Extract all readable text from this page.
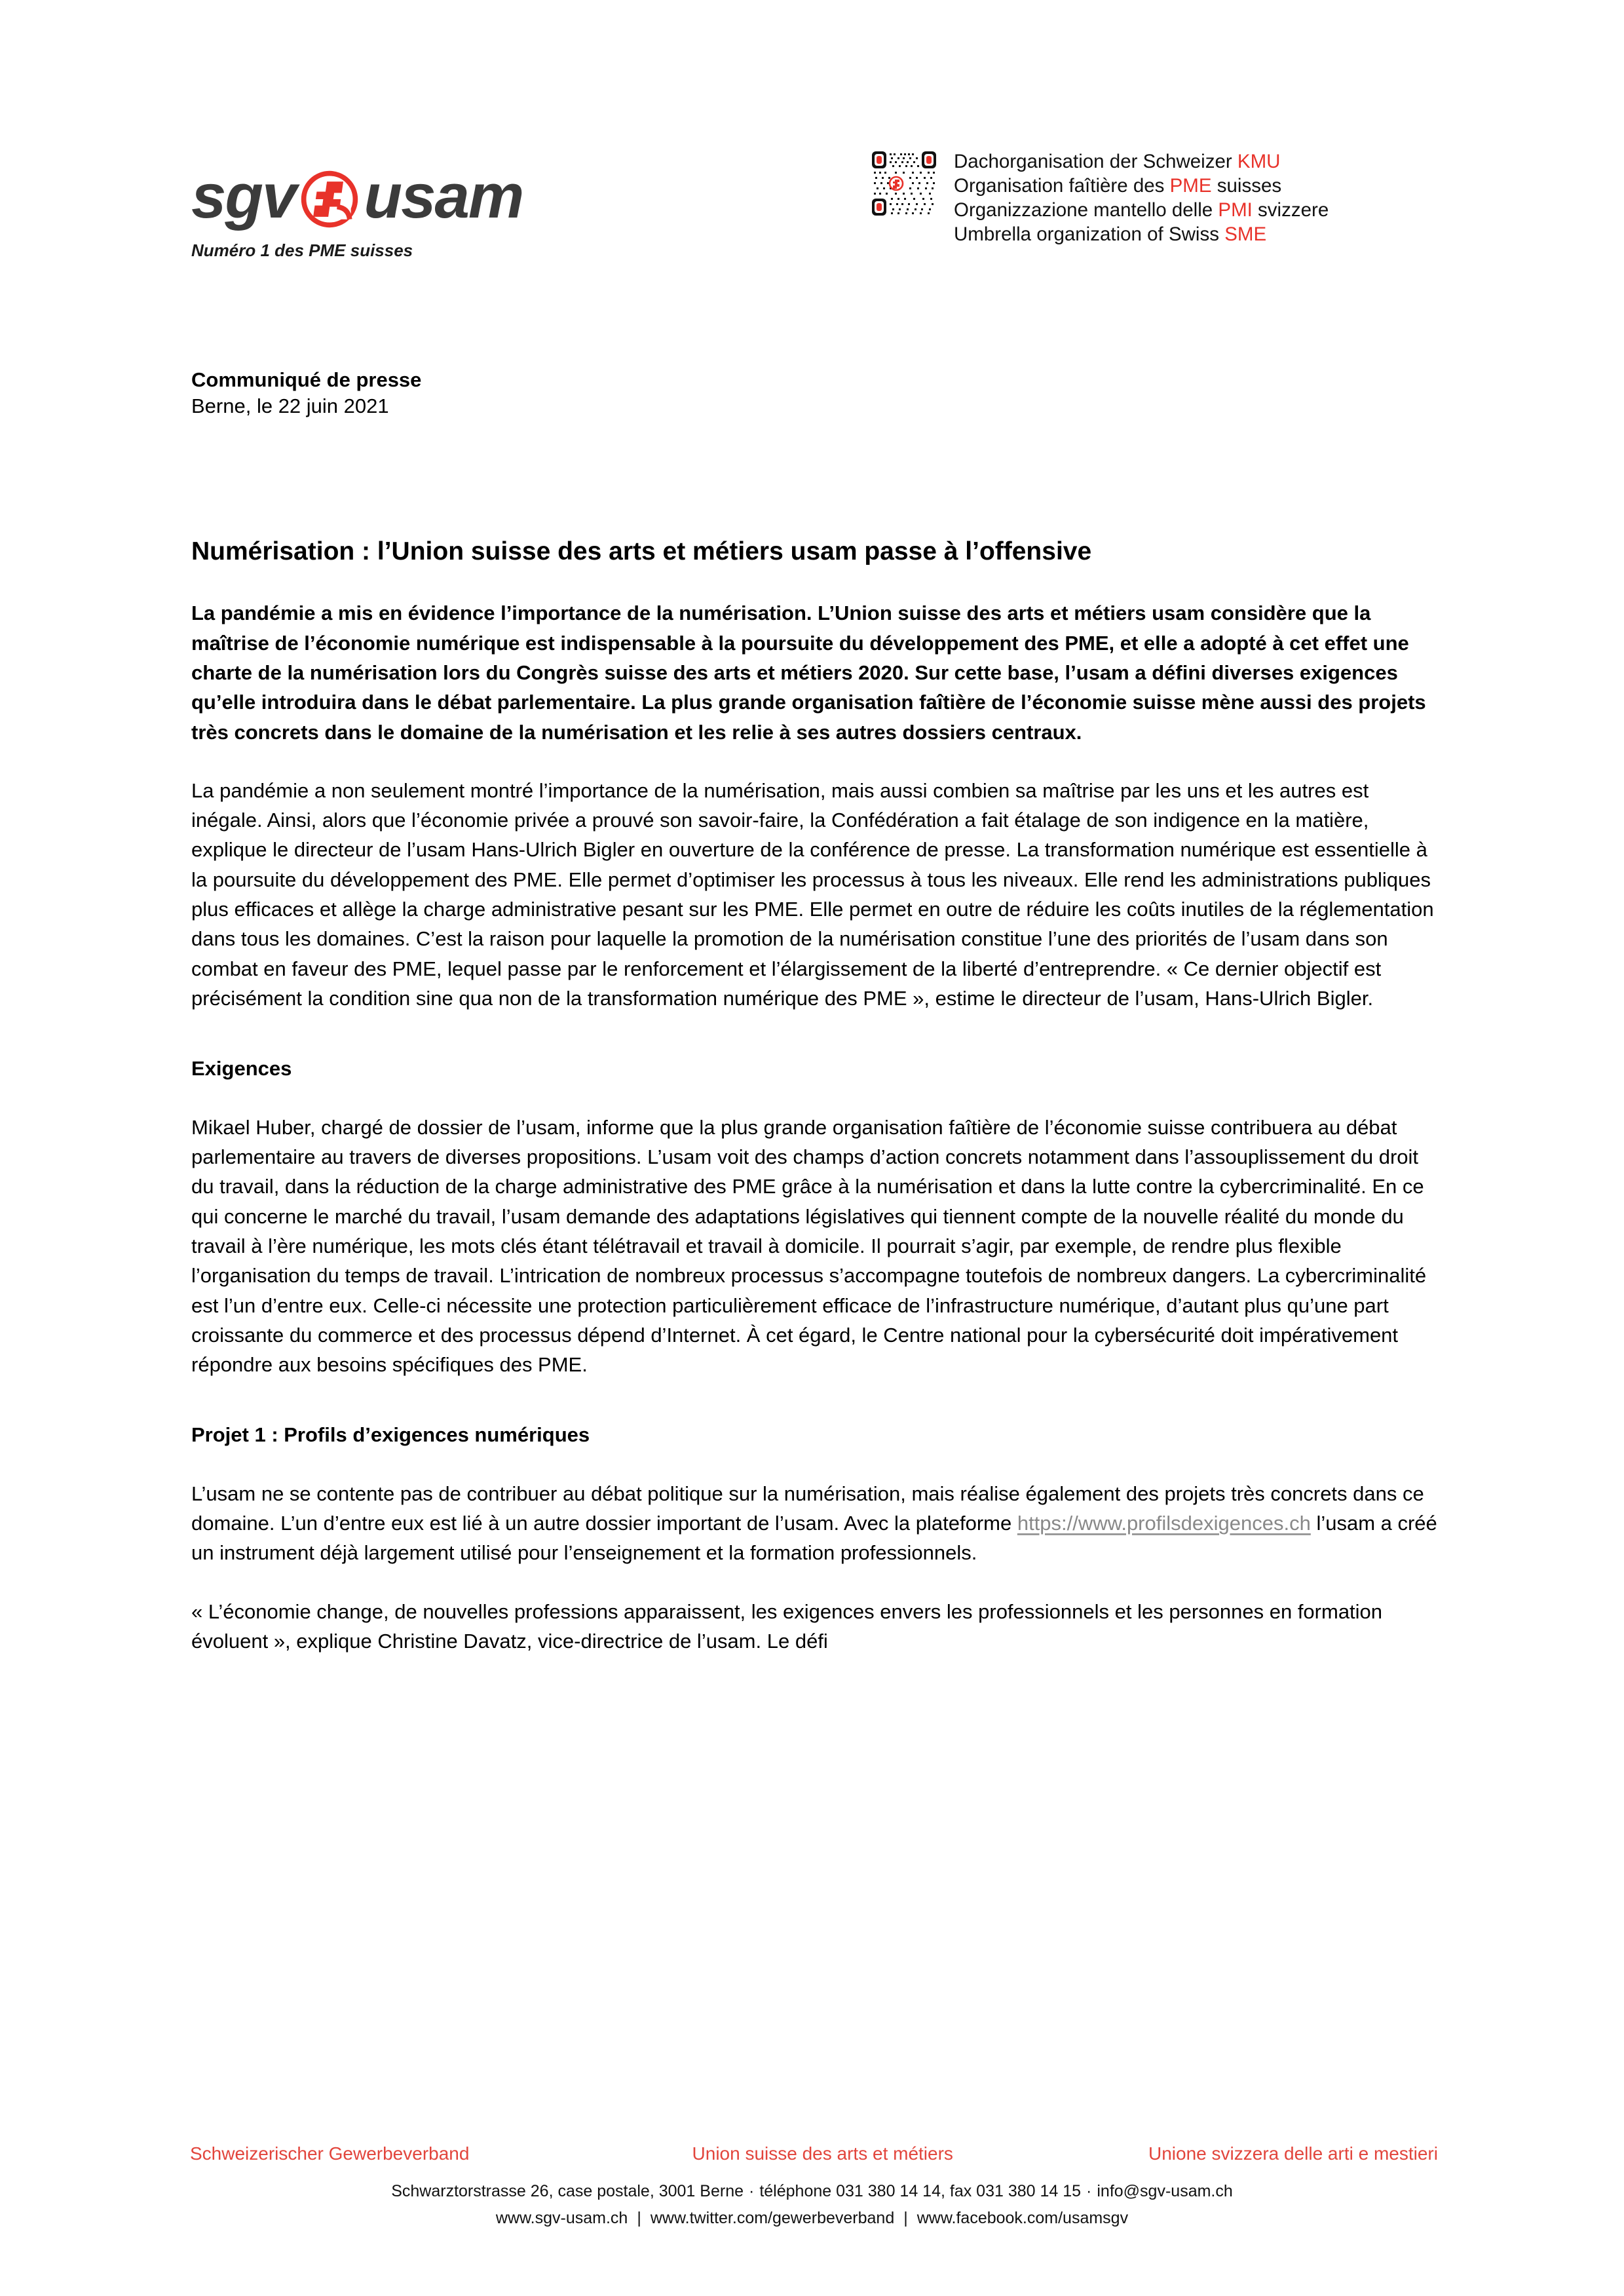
sgv usam
Numéro 1 des PME suisses
Dachorganisation der Schweizer KMU
Organisation faîtière des PME suisses
Organizzazione mantello delle PMI svizzere
Umbrella organization of Swiss SME
Communiqué de presse
Berne, le 22 juin 2021
Numérisation : l’Union suisse des arts et métiers usam passe à l’offensive

La pandémie a mis en évidence l’importance de la numérisation. L’Union suisse des arts et métiers usam considère que la maîtrise de l’économie numérique est indispensable à la poursuite du développement des PME, et elle a adopté à cet effet une charte de la numérisation lors du Congrès suisse des arts et métiers 2020. Sur cette base, l’usam a défini diverses exigences qu’elle introduira dans le débat parlementaire. La plus grande organisation faîtière de l’économie suisse mène aussi des projets très concrets dans le domaine de la numérisation et les relie à ses autres dossiers centraux.

La pandémie a non seulement montré l’importance de la numérisation, mais aussi combien sa maîtrise par les uns et les autres est inégale. Ainsi, alors que l’économie privée a prouvé son savoir-faire, la Confédération a fait étalage de son indigence en la matière, explique le directeur de l’usam Hans-Ulrich Bigler en ouverture de la conférence de presse. La transformation numérique est essentielle à la poursuite du développement des PME. Elle permet d’optimiser les processus à tous les niveaux. Elle rend les administrations publiques plus efficaces et allège la charge administrative pesant sur les PME. Elle permet en outre de réduire les coûts inutiles de la réglementation dans tous les domaines. C’est la raison pour laquelle la promotion de la numérisation constitue l’une des priorités de l’usam dans son combat en faveur des PME, lequel passe par le renforcement et l’élargissement de la liberté d’entreprendre. « Ce dernier objectif est précisément la condition sine qua non de la transformation numérique des PME », estime le directeur de l’usam, Hans-Ulrich Bigler.

Exigences

Mikael Huber, chargé de dossier de l’usam, informe que la plus grande organisation faîtière de l’économie suisse contribuera au débat parlementaire au travers de diverses propositions. L’usam voit des champs d’action concrets notamment dans l’assouplissement du droit du travail, dans la réduction de la charge administrative des PME grâce à la numérisation et dans la lutte contre la cybercriminalité. En ce qui concerne le marché du travail, l’usam demande des adaptations législatives qui tiennent compte de la nouvelle réalité du monde du travail à l’ère numérique, les mots clés étant télétravail et travail à domicile. Il pourrait s’agir, par exemple, de rendre plus flexible l’organisation du temps de travail. L’intrication de nombreux processus s’accompagne toutefois de nombreux dangers. La cybercriminalité est l’un d’entre eux. Celle-ci nécessite une protection particulièrement efficace de l’infrastructure numérique, d’autant plus qu’une part croissante du commerce et des processus dépend d’Internet. À cet égard, le Centre national pour la cybersécurité doit impérativement répondre aux besoins spécifiques des PME.

Projet 1 : Profils d’exigences numériques

L’usam ne se contente pas de contribuer au débat politique sur la numérisation, mais réalise également des projets très concrets dans ce domaine. L’un d’entre eux est lié à un autre dossier important de l’usam. Avec la plateforme https://www.profilsdexigences.ch l’usam a créé un instrument déjà largement utilisé pour l’enseignement et la formation professionnels.

« L’économie change, de nouvelles professions apparaissent, les exigences envers les professionnels et les personnes en formation évoluent », explique Christine Davatz, vice-directrice de l’usam. Le défi

Schweizerischer Gewerbeverband	Union suisse des arts et métiers	Unione svizzera delle arti e mestieri
Schwarztorstrasse 26, case postale, 3001 Berne · téléphone 031 380 14 14, fax 031 380 14 15 · info@sgv-usam.ch
www.sgv-usam.ch | www.twitter.com/gewerbeverband | www.facebook.com/usamsgv
